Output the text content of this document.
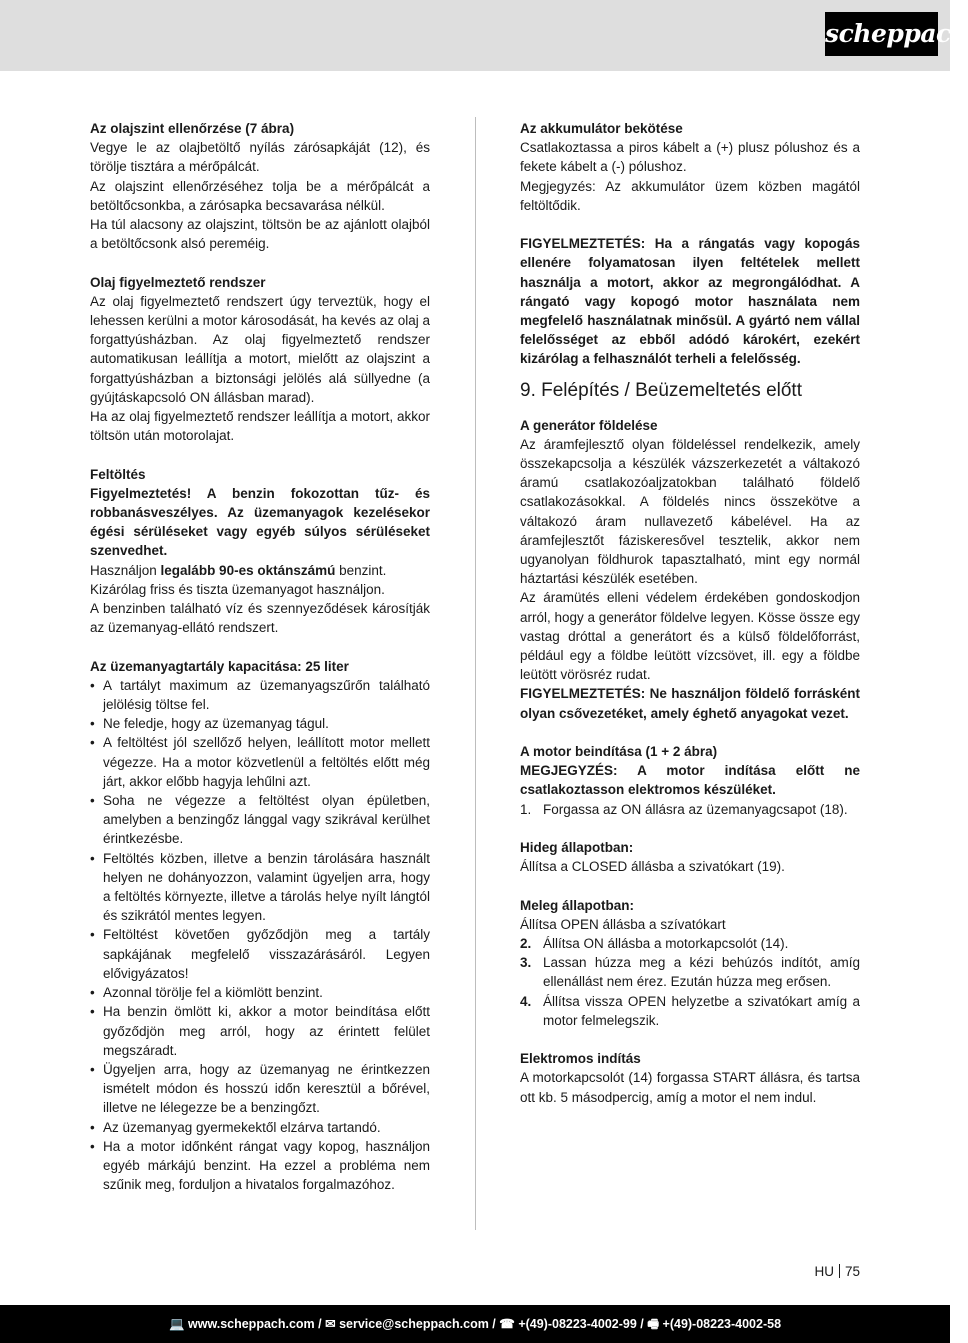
scheppach

Az olajszint ellenőrzése (7 ábra)

Vegye le az olajbetöltő nyílás zárósapkáját (12), és törölje tisztára a mérőpálcát.

Az olajszint ellenőrzéséhez tolja be a mérőpálcát a betöltőcsonkba, a zárósapka becsavarása nélkül.

Ha túl alacsony az olajszint, töltsön be az ajánlott olajból a betöltőcsonk alsó pereméig.

Olaj figyelmeztető rendszer

Az olaj figyelmeztető rendszert úgy terveztük, hogy el lehessen kerülni a motor károsodását, ha kevés az olaj a forgattyúsházban. Az olaj figyelmeztető rendszer automatikusan leállítja a motort, mielőtt az olajszint a forgattyúsházban a biztonsági jelölés alá süllyedne (a gyújtáskapcsoló ON állásban marad).

Ha az olaj figyelmeztető rendszer leállítja a motort, akkor töltsön után motorolajat.

Feltöltés

Figyelmeztetés! A benzin fokozottan tűz- és robbanásveszélyes. Az üzemanyagok kezelésekor égési sérüléseket vagy egyéb súlyos sérüléseket szenvedhet.

Használjon legalább 90-es oktánszámú benzint.

Kizárólag friss és tiszta üzemanyagot használjon.

A benzinben található víz és szennyeződések károsítják az üzemanyag-ellátó rendszert.

Az üzemanyagtartály kapacitása: 25 liter

• A tartályt maximum az üzemanyagszűrőn található jelölésig töltse fel.
• Ne feledje, hogy az üzemanyag tágul.
• A feltöltést jól szellőző helyen, leállított motor mellett végezze. Ha a motor közvetlenül a feltöltés előtt még járt, akkor előbb hagyja lehűlni azt.
• Soha ne végezze a feltöltést olyan épületben, amelyben a benzingőz lánggal vagy szikrával kerülhet érintkezésbe.
• Feltöltés közben, illetve a benzin tárolására használt helyen ne dohányozzon, valamint ügyeljen arra, hogy a feltöltés környezte, illetve a tárolás helye nyílt lángtól és szikrától mentes legyen.
• Feltöltést követően győződjön meg a tartály sapkájának megfelelő visszazárásáról. Legyen elővigyázatos!
• Azonnal törölje fel a kiömlött benzint.
• Ha benzin ömlött ki, akkor a motor beindítása előtt győződjön meg arról, hogy az érintett felület megszáradt.
• Ügyeljen arra, hogy az üzemanyag ne érintkezzen ismételt módon és hosszú időn keresztül a bőrével, illetve ne lélegezze be a benzingőzt.
• Az üzemanyag gyermekektől elzárva tartandó.
• Ha a motor időnként rángat vagy kopog, használjon egyéb márkájú benzint. Ha ezzel a probléma nem szűnik meg, forduljon a hivatalos forgalmazóhoz.

Az akkumulátor bekötése

Csatlakoztassa a piros kábelt a (+) plusz pólushoz és a fekete kábelt a (-) pólushoz.

Megjegyzés: Az akkumulátor üzem közben magától feltöltődik.

FIGYELMEZTETÉS: Ha a rángatás vagy kopogás ellenére folyamatosan ilyen feltételek mellett használja a motort, akkor az megrongálódhat. A rángató vagy kopogó motor használata nem megfelelő használatnak minősül. A gyártó nem vállal felelősséget az ebből adódó károkért, ezekért kizárólag a felhasználót terheli a felelősség.

9. Felépítés / Beüzemeltetés előtt

A generátor földelése

Az áramfejlesztő olyan földeléssel rendelkezik, amely összekapcsolja a készülék vázszerkezetét a váltakozó áramú csatlakozóaljzatokban található földelő csatlakozásokkal. A földelés nincs összekötve a váltakozó áram nullavezető kábelével. Ha az áramfejlesztőt fáziskeresővel tesztelik, akkor nem ugyanolyan földhurok tapasztalható, mint egy normál háztartási készülék esetében.

Az áramütés elleni védelem érdekében gondoskodjon arról, hogy a generátor földelve legyen. Kösse össze egy vastag dróttal a generátort és a külső földelőforrást, például egy a földbe leütött vízcsövet, ill. egy a földbe leütött vörösréz rudat.

FIGYELMEZTETÉS: Ne használjon földelő forrásként olyan csővezetéket, amely éghető anyagokat vezet.

A motor beindítása (1 + 2 ábra)

MEGJEGYZÉS: A motor indítása előtt ne csatlakoztasson elektromos készüléket.

1. Forgassa az ON állásra az üzemanyagcsapot (18).

Hideg állapotban:

Állítsa a CLOSED állásba a szivatókart (19).

Meleg állapotban:

Állítsa OPEN állásba a szívatókart

2. Állítsa ON állásba a motorkapcsolót (14).
3. Lassan húzza meg a kézi behúzós indítót, amíg ellenállást nem érez. Ezután húzza meg erősen.
4. Állítsa vissza OPEN helyzetbe a szivatókart amíg a motor felmelegszik.

Elektromos indítás

A motorkapcsolót (14) forgassa START állásra, és tartsa ott kb. 5 másodpercig, amíg a motor el nem indul.

HU 75
💻 www.scheppach.com / ✉ service@scheppach.com / ☎ +(49)-08223-4002-99 / 🖷 +(49)-08223-4002-58
